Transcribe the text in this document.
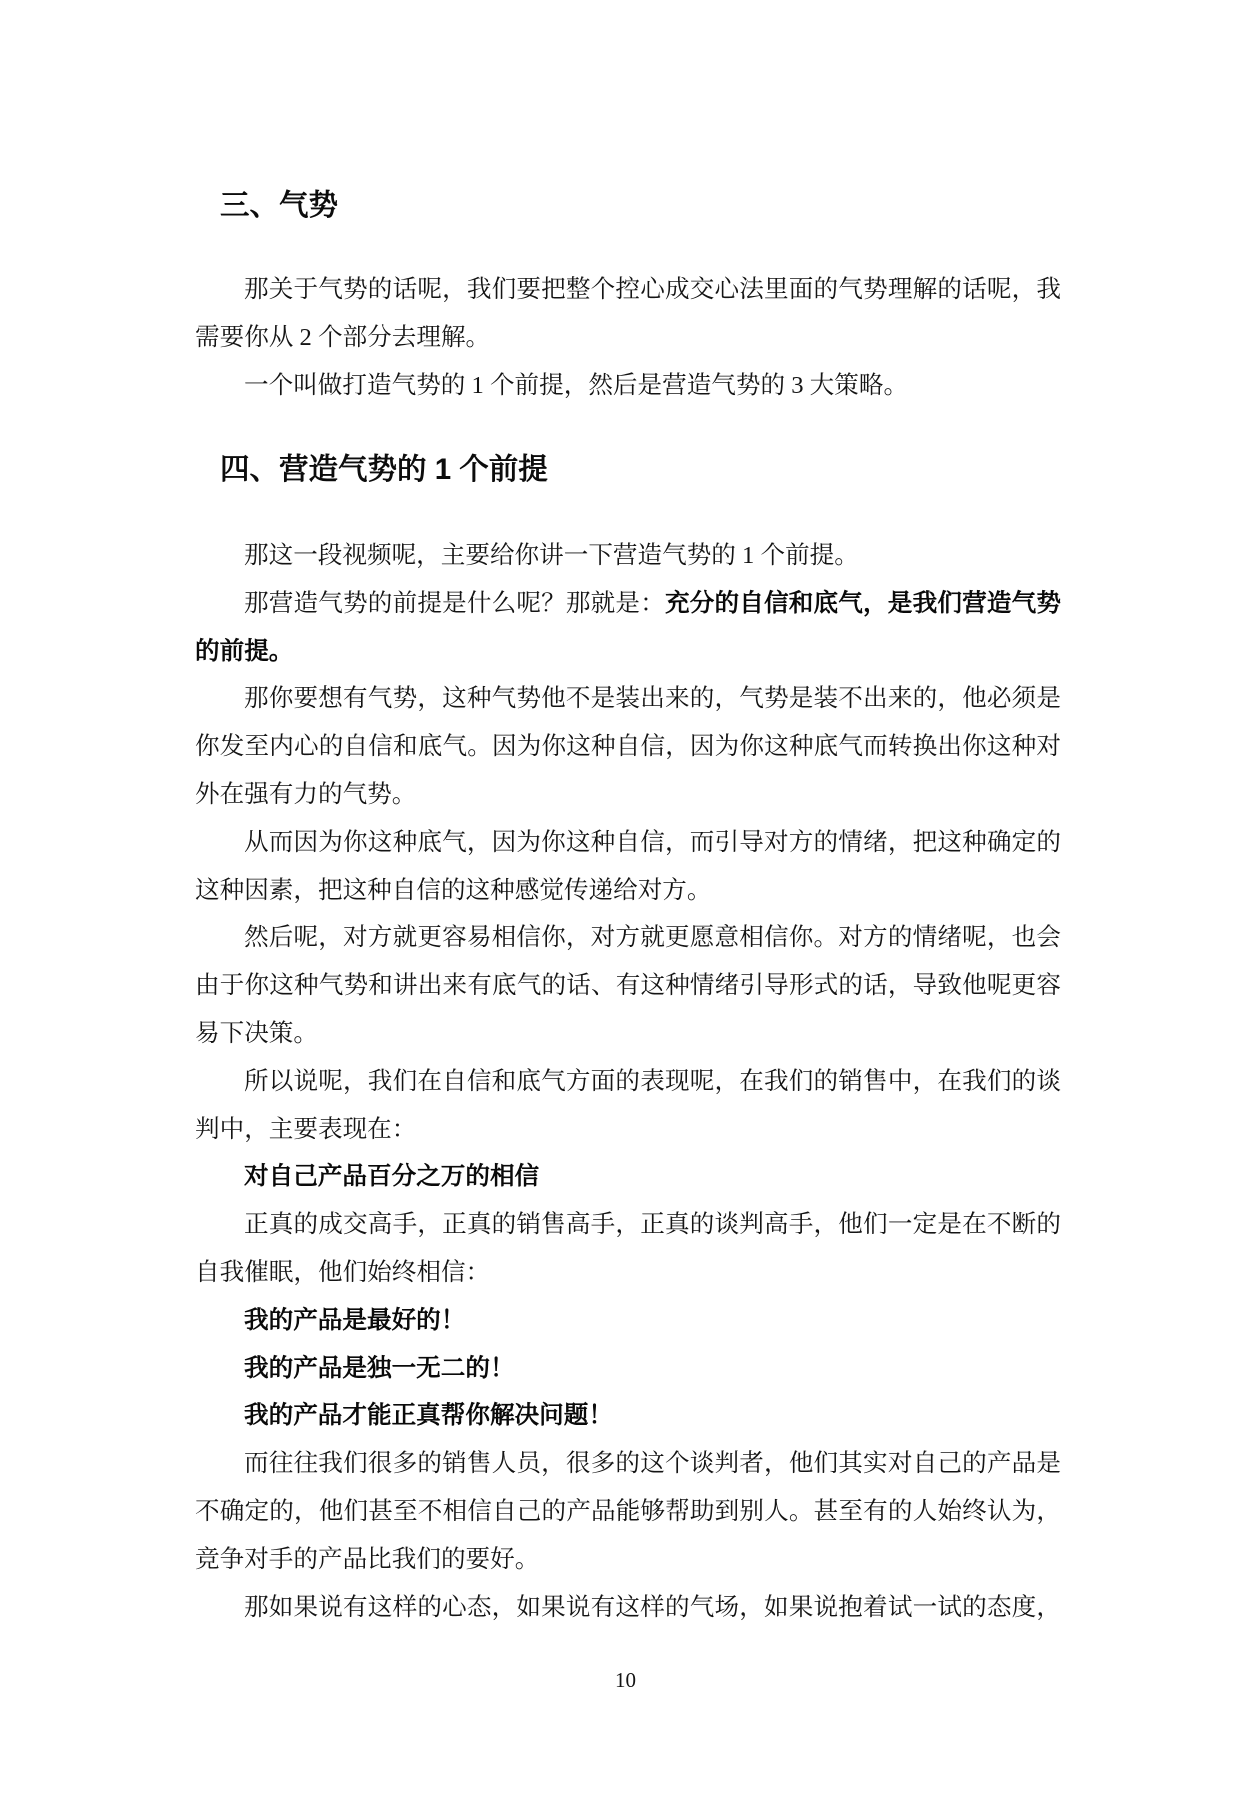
三、气势
那关于气势的话呢，我们要把整个控心成交心法里面的气势理解的话呢，我
需要你从 2 个部分去理解。
一个叫做打造气势的 1 个前提，然后是营造气势的 3 大策略。
四、营造气势的 1 个前提
那这一段视频呢，主要给你讲一下营造气势的 1 个前提。
那营造气势的前提是什么呢？那就是：充分的自信和底气，是我们营造气势
的前提。
那你要想有气势，这种气势他不是装出来的，气势是装不出来的，他必须是
你发至内心的自信和底气。因为你这种自信，因为你这种底气而转换出你这种对
外在强有力的气势。
从而因为你这种底气，因为你这种自信，而引导对方的情绪，把这种确定的
这种因素，把这种自信的这种感觉传递给对方。
然后呢，对方就更容易相信你，对方就更愿意相信你。对方的情绪呢，也会
由于你这种气势和讲出来有底气的话、有这种情绪引导形式的话，导致他呢更容
易下决策。
所以说呢，我们在自信和底气方面的表现呢，在我们的销售中，在我们的谈
判中，主要表现在：
对自己产品百分之万的相信
正真的成交高手，正真的销售高手，正真的谈判高手，他们一定是在不断的
自我催眠，他们始终相信：
我的产品是最好的！
我的产品是独一无二的！
我的产品才能正真帮你解决问题！
而往往我们很多的销售人员，很多的这个谈判者，他们其实对自己的产品是
不确定的，他们甚至不相信自己的产品能够帮助到别人。甚至有的人始终认为，
竞争对手的产品比我们的要好。
那如果说有这样的心态，如果说有这样的气场，如果说抱着试一试的态度，
10
